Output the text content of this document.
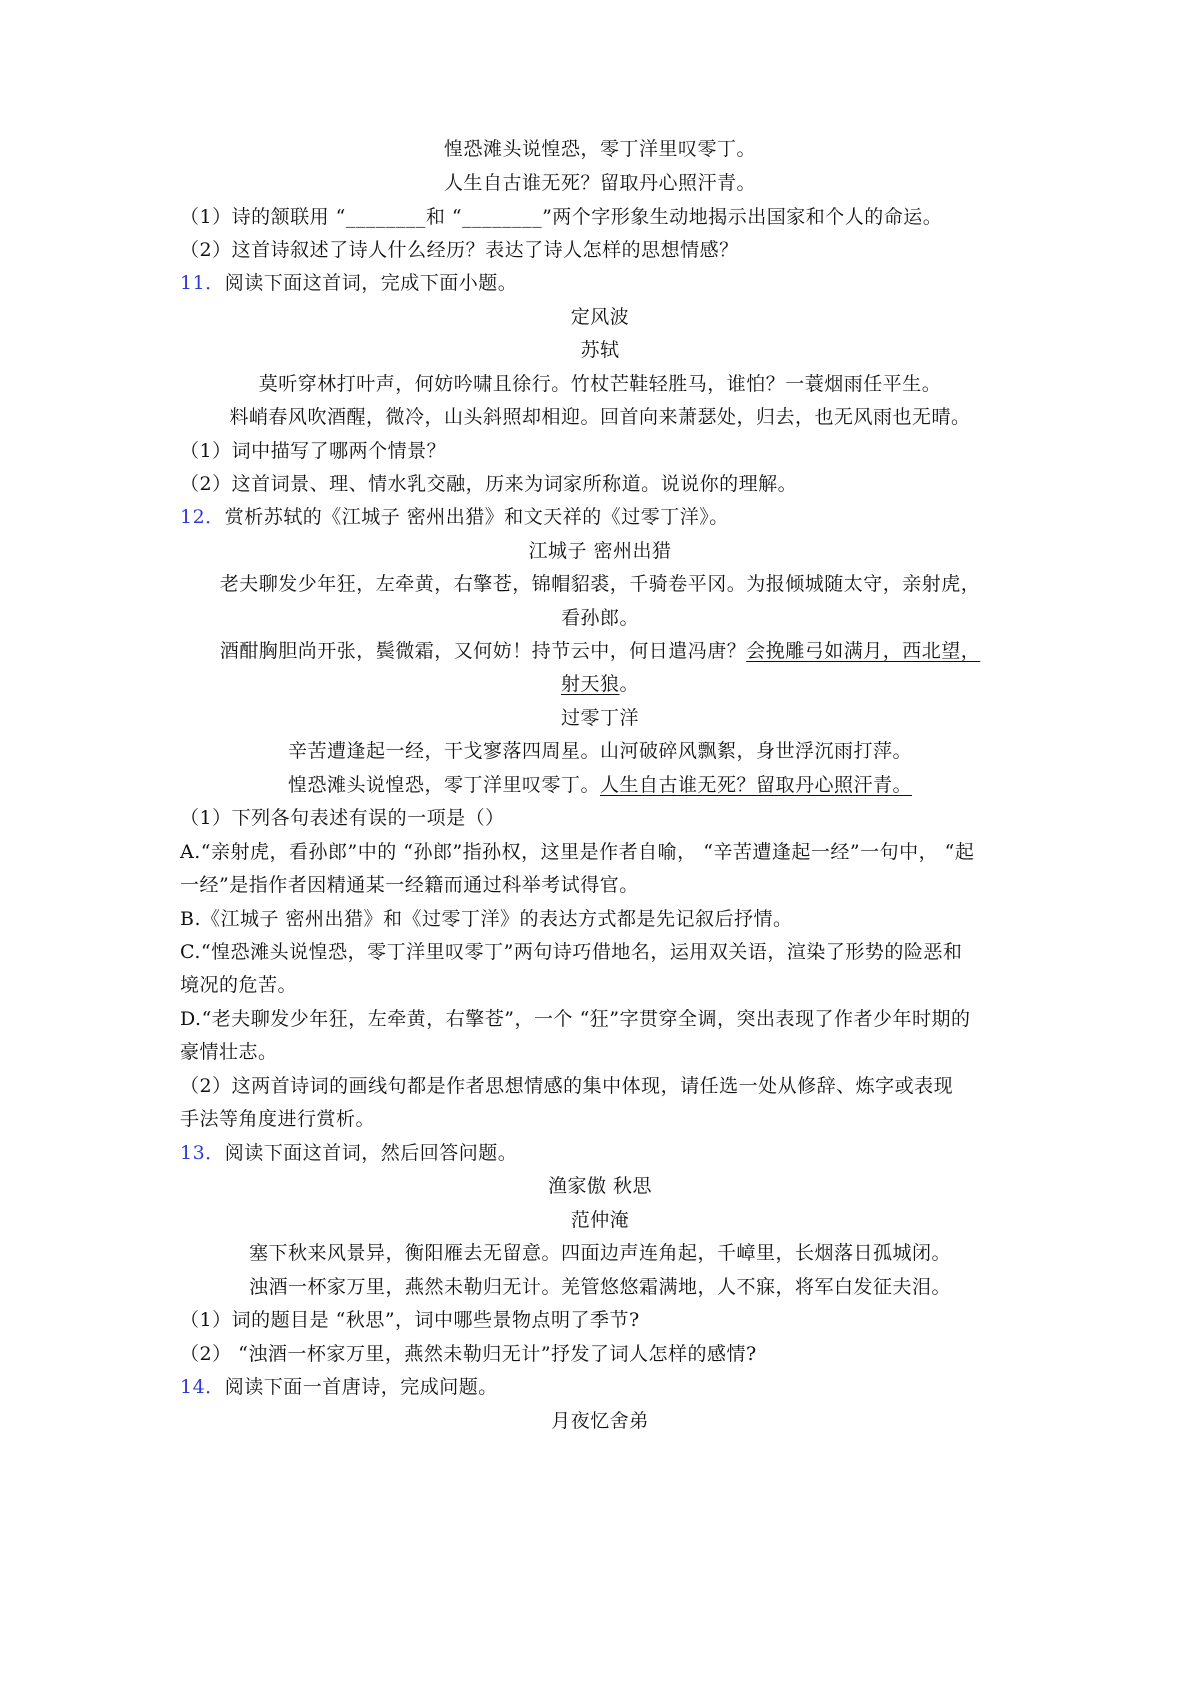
惶恐滩头说惶恐，零丁洋里叹零丁。
人生自古谁无死？留取丹心照汗青。
（1）诗的颔联用 “________和 “________”两个字形象生动地揭示出国家和个人的命运。
（2）这首诗叙述了诗人什么经历？表达了诗人怎样的思想情感？
11．阅读下面这首词，完成下面小题。
定风波
苏轼
莫听穿林打叶声，何妨吟啸且徐行。竹杖芒鞋轻胜马，谁怕？一蓑烟雨任平生。
料峭春风吹酒醒，微冷，山头斜照却相迎。回首向来萧瑟处，归去，也无风雨也无晴。
（1）词中描写了哪两个情景？
（2）这首词景、理、情水乳交融，历来为词家所称道。说说你的理解。
12．赏析苏轼的《江城子 密州出猎》和文天祥的《过零丁洋》。
江城子 密州出猎
老夫聊发少年狂，左牵黄，右擎苍，锦帽貂裘，千骑卷平冈。为报倾城随太守，亲射虎，
看孙郎。
酒酣胸胆尚开张，鬓微霜，又何妨！持节云中，何日遣冯唐？会挽雕弓如满月，西北望，
射天狼。
过零丁洋
辛苦遭逢起一经，干戈寥落四周星。山河破碎风飘絮，身世浮沉雨打萍。
惶恐滩头说惶恐，零丁洋里叹零丁。人生自古谁无死？留取丹心照汗青。
（1）下列各句表述有误的一项是（）
A.“亲射虎，看孙郎”中的 “孙郎”指孙权，这里是作者自喻， “辛苦遭逢起一经”一句中， “起
一经”是指作者因精通某一经籍而通过科举考试得官。
B.《江城子 密州出猎》和《过零丁洋》的表达方式都是先记叙后抒情。
C.“惶恐滩头说惶恐，零丁洋里叹零丁”两句诗巧借地名，运用双关语，渲染了形势的险恶和
境况的危苦。
D.“老夫聊发少年狂，左牵黄，右擎苍”，一个 “狂”字贯穿全调，突出表现了作者少年时期的
豪情壮志。
（2）这两首诗词的画线句都是作者思想情感的集中体现，请任选一处从修辞、炼字或表现
手法等角度进行赏析。
13．阅读下面这首词，然后回答问题。
渔家傲 秋思
范仲淹
塞下秋来风景异，衡阳雁去无留意。四面边声连角起，千嶂里，长烟落日孤城闭。
浊酒一杯家万里，燕然未勒归无计。羌管悠悠霜满地，人不寐，将军白发征夫泪。
（1）词的题目是 “秋思”，词中哪些景物点明了季节?
（2） “浊酒一杯家万里，燕然未勒归无计”抒发了词人怎样的感情?
14．阅读下面一首唐诗，完成问题。
月夜忆舍弟
